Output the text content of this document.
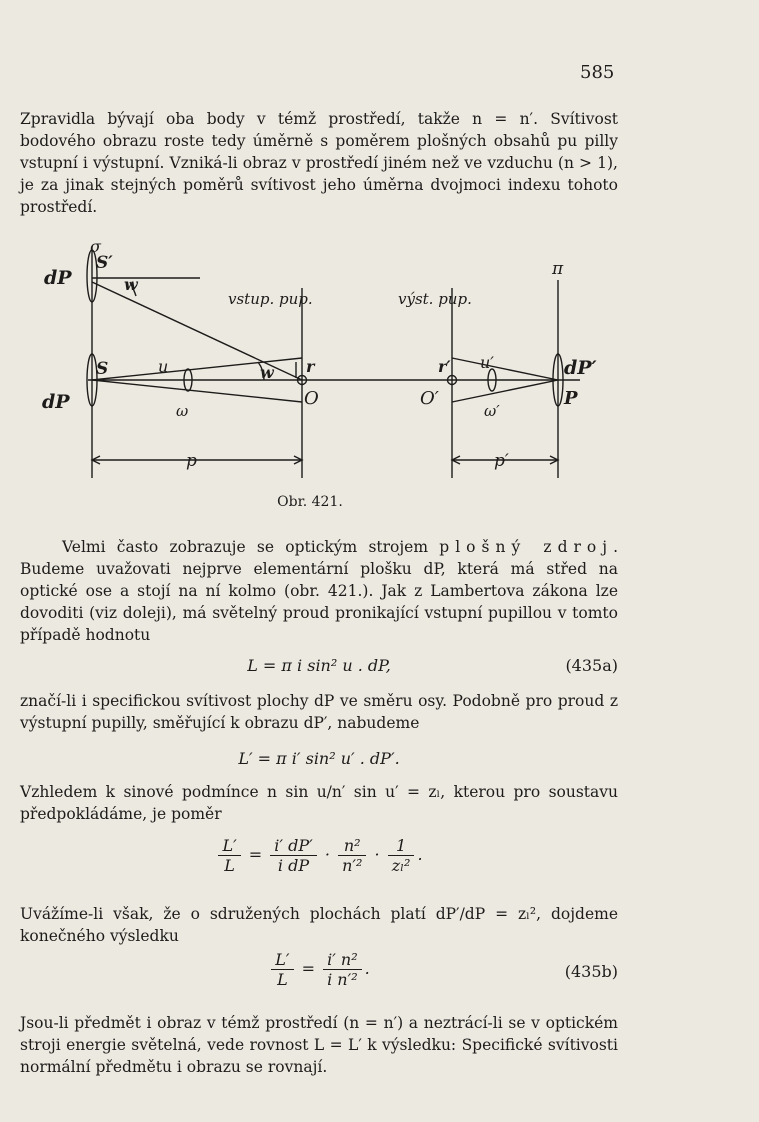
585

Zpravidla bývají oba body v témž prostředí, takže n = n′. Svítivost bodového obrazu roste tedy úměrně s poměrem plošných obsahů pu pilly vstupní i výstupní. Vzniká-li obraz v prostředí jiném než ve vzduchu (n > 1), je za jinak stejných poměrů svítivost jeho úměrna dvojmoci indexu tohoto prostředí.

σ
S′
dP	w
vstup. pup.	výst. pup.
π
dP
S	u	w r	r′ u′	dP′
ω
O	O′
ω′
P
p	p′
Obr. 421.

Velmi často zobrazuje se optickým strojem plošný zdroj. Budeme uvažovati nejprve elementární plošku dP, která má střed na optické ose a stojí na ní kolmo (obr. 421.). Jak z Lambertova zákona lze dovoditi (viz doleji), má světelný proud pronikající vstupní pupillou v tomto případě hodnotu

L = π i sin² u . dP,	(435a)

značí-li i specifickou svítivost plochy dP ve směru osy. Podobně pro proud z výstupní pupilly, směřující k obrazu dP′, nabudeme

L′ = π i′ sin² u′ . dP′.

Vzhledem k sinové podmínce n sin u/n′ sin u′ = zₗ, kterou pro soustavu předpokládáme, je poměr

$\frac{L'}{L} = \frac{i' dP'}{\text{i dP}} \cdot \frac{\text{n²}}{\text{n′²}} \cdot \frac{1}{\text{zₗ²}}$ .

Uvážíme-li však, že o sdružených plochách platí dP′/dP = zₗ², dojdeme konečného výsledku

$\frac{L'}{L} = \frac{\text{i′ n²}}{\text{i n′²}}$ .	(435b)

Jsou-li předmět i obraz v témž prostředí (n = n′) a neztrácí-li se v optickém stroji energie světelná, vede rovnost L = L′ k výsledku: Specifické svítivosti normální předmětu i obrazu se rovnají.
